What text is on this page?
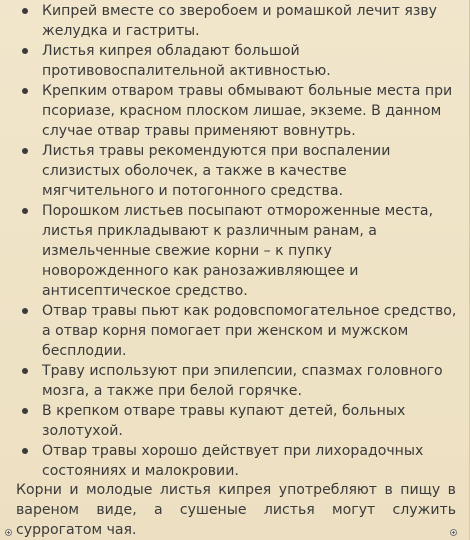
Кипрей вместе со зверобоем и ромашкой лечит язву желудка и гастриты.
Листья кипрея обладают большой противовоспалительной активностью.
Крепким отваром травы обмывают больные места при псориазе, красном плоском лишае, экземе. В данном случае отвар травы применяют вовнутрь.
Листья травы рекомендуются при воспалении слизистых оболочек, а также в качестве мягчительного и потогонного средства.
Порошком листьев посыпают отмороженные места, листья прикладывают к различным ранам, а измельченные свежие корни – к пупку новорожденного как ранозаживляющее и антисептическое средство.
Отвар травы пьют как родовспомогательное средство, а отвар корня помогает при женском и мужском бесплодии.
Траву используют при эпилепсии, спазмах головного мозга, а также при белой горячке.
В крепком отваре травы купают детей, больных золотухой.
Отвар травы хорошо действует при лихорадочных состояниях и малокровии.
Корни и молодые листья кипрея употребляют в пищу в вареном виде, а сушеные листья могут служить суррогатом чая.
